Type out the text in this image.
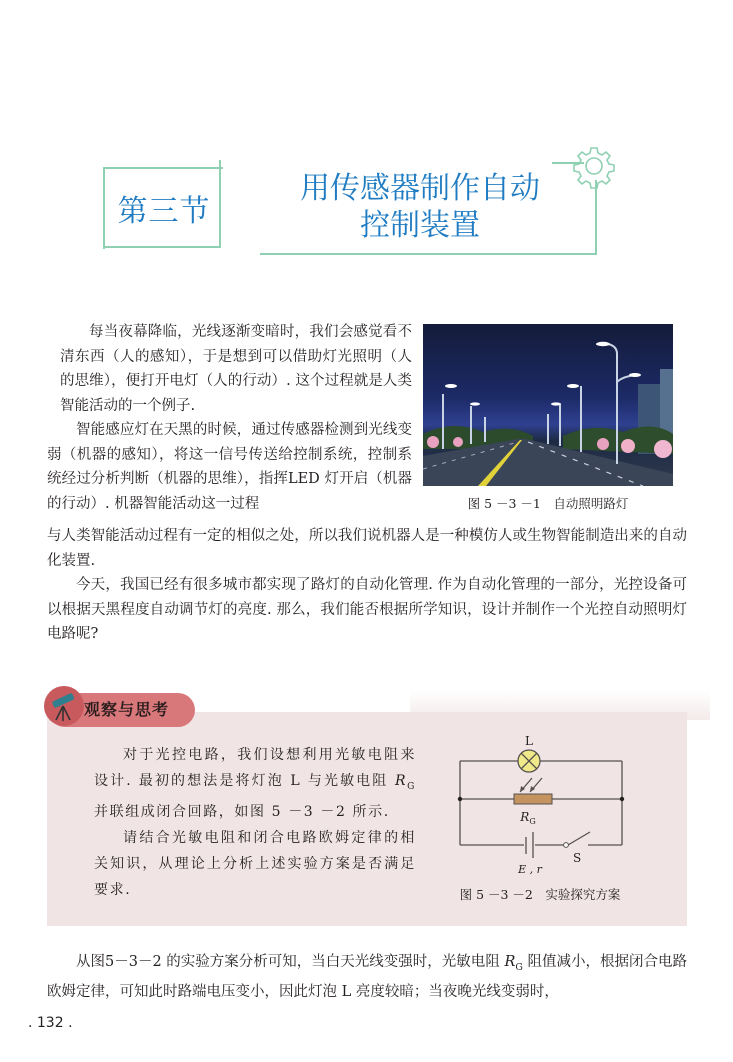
第三节
用传感器制作自动
控制装置
每当夜幕降临，光线逐渐变暗时，我们会感觉看不清东西（人的感知），于是想到可以借助灯光照明（人的思维），便打开电灯（人的行动）. 这个过程就是人类智能活动的一个例子.
智能感应灯在天黑的时候，通过传感器检测到光线变弱（机器的感知），将这一信号传送给控制系统，控制系统经过分析判断（机器的思维），指挥LED 灯开启（机器的行动）. 机器智能活动这一过程
与人类智能活动过程有一定的相似之处，所以我们说机器人是一种模仿人或生物智能制造出来的自动化装置.
今天，我国已经有很多城市都实现了路灯的自动化管理. 作为自动化管理的一部分，光控设备可以根据天黑程度自动调节灯的亮度. 那么，我们能否根据所学知识，设计并制作一个光控自动照明灯电路呢?
图 5 －3 －1　自动照明路灯
观察与思考
对于光控电路，我们设想利用光敏电阻来设计. 最初的想法是将灯泡 L 与光敏电阻 $R_G$并联组成闭合回路，如图 5 －3 －2 所示.
请结合光敏电阻和闭合电路欧姆定律的相关知识，从理论上分析上述实验方案是否满足要求.
L
$R_G$
S
E , r
图 5 －3 －2　实验探究方案
从图5－3－2 的实验方案分析可知，当白天光线变强时，光敏电阻 $R_G$ 阻值减小，根据闭合电路欧姆定律，可知此时路端电压变小，因此灯泡 L 亮度较暗；当夜晚光线变弱时，
. 132 .
